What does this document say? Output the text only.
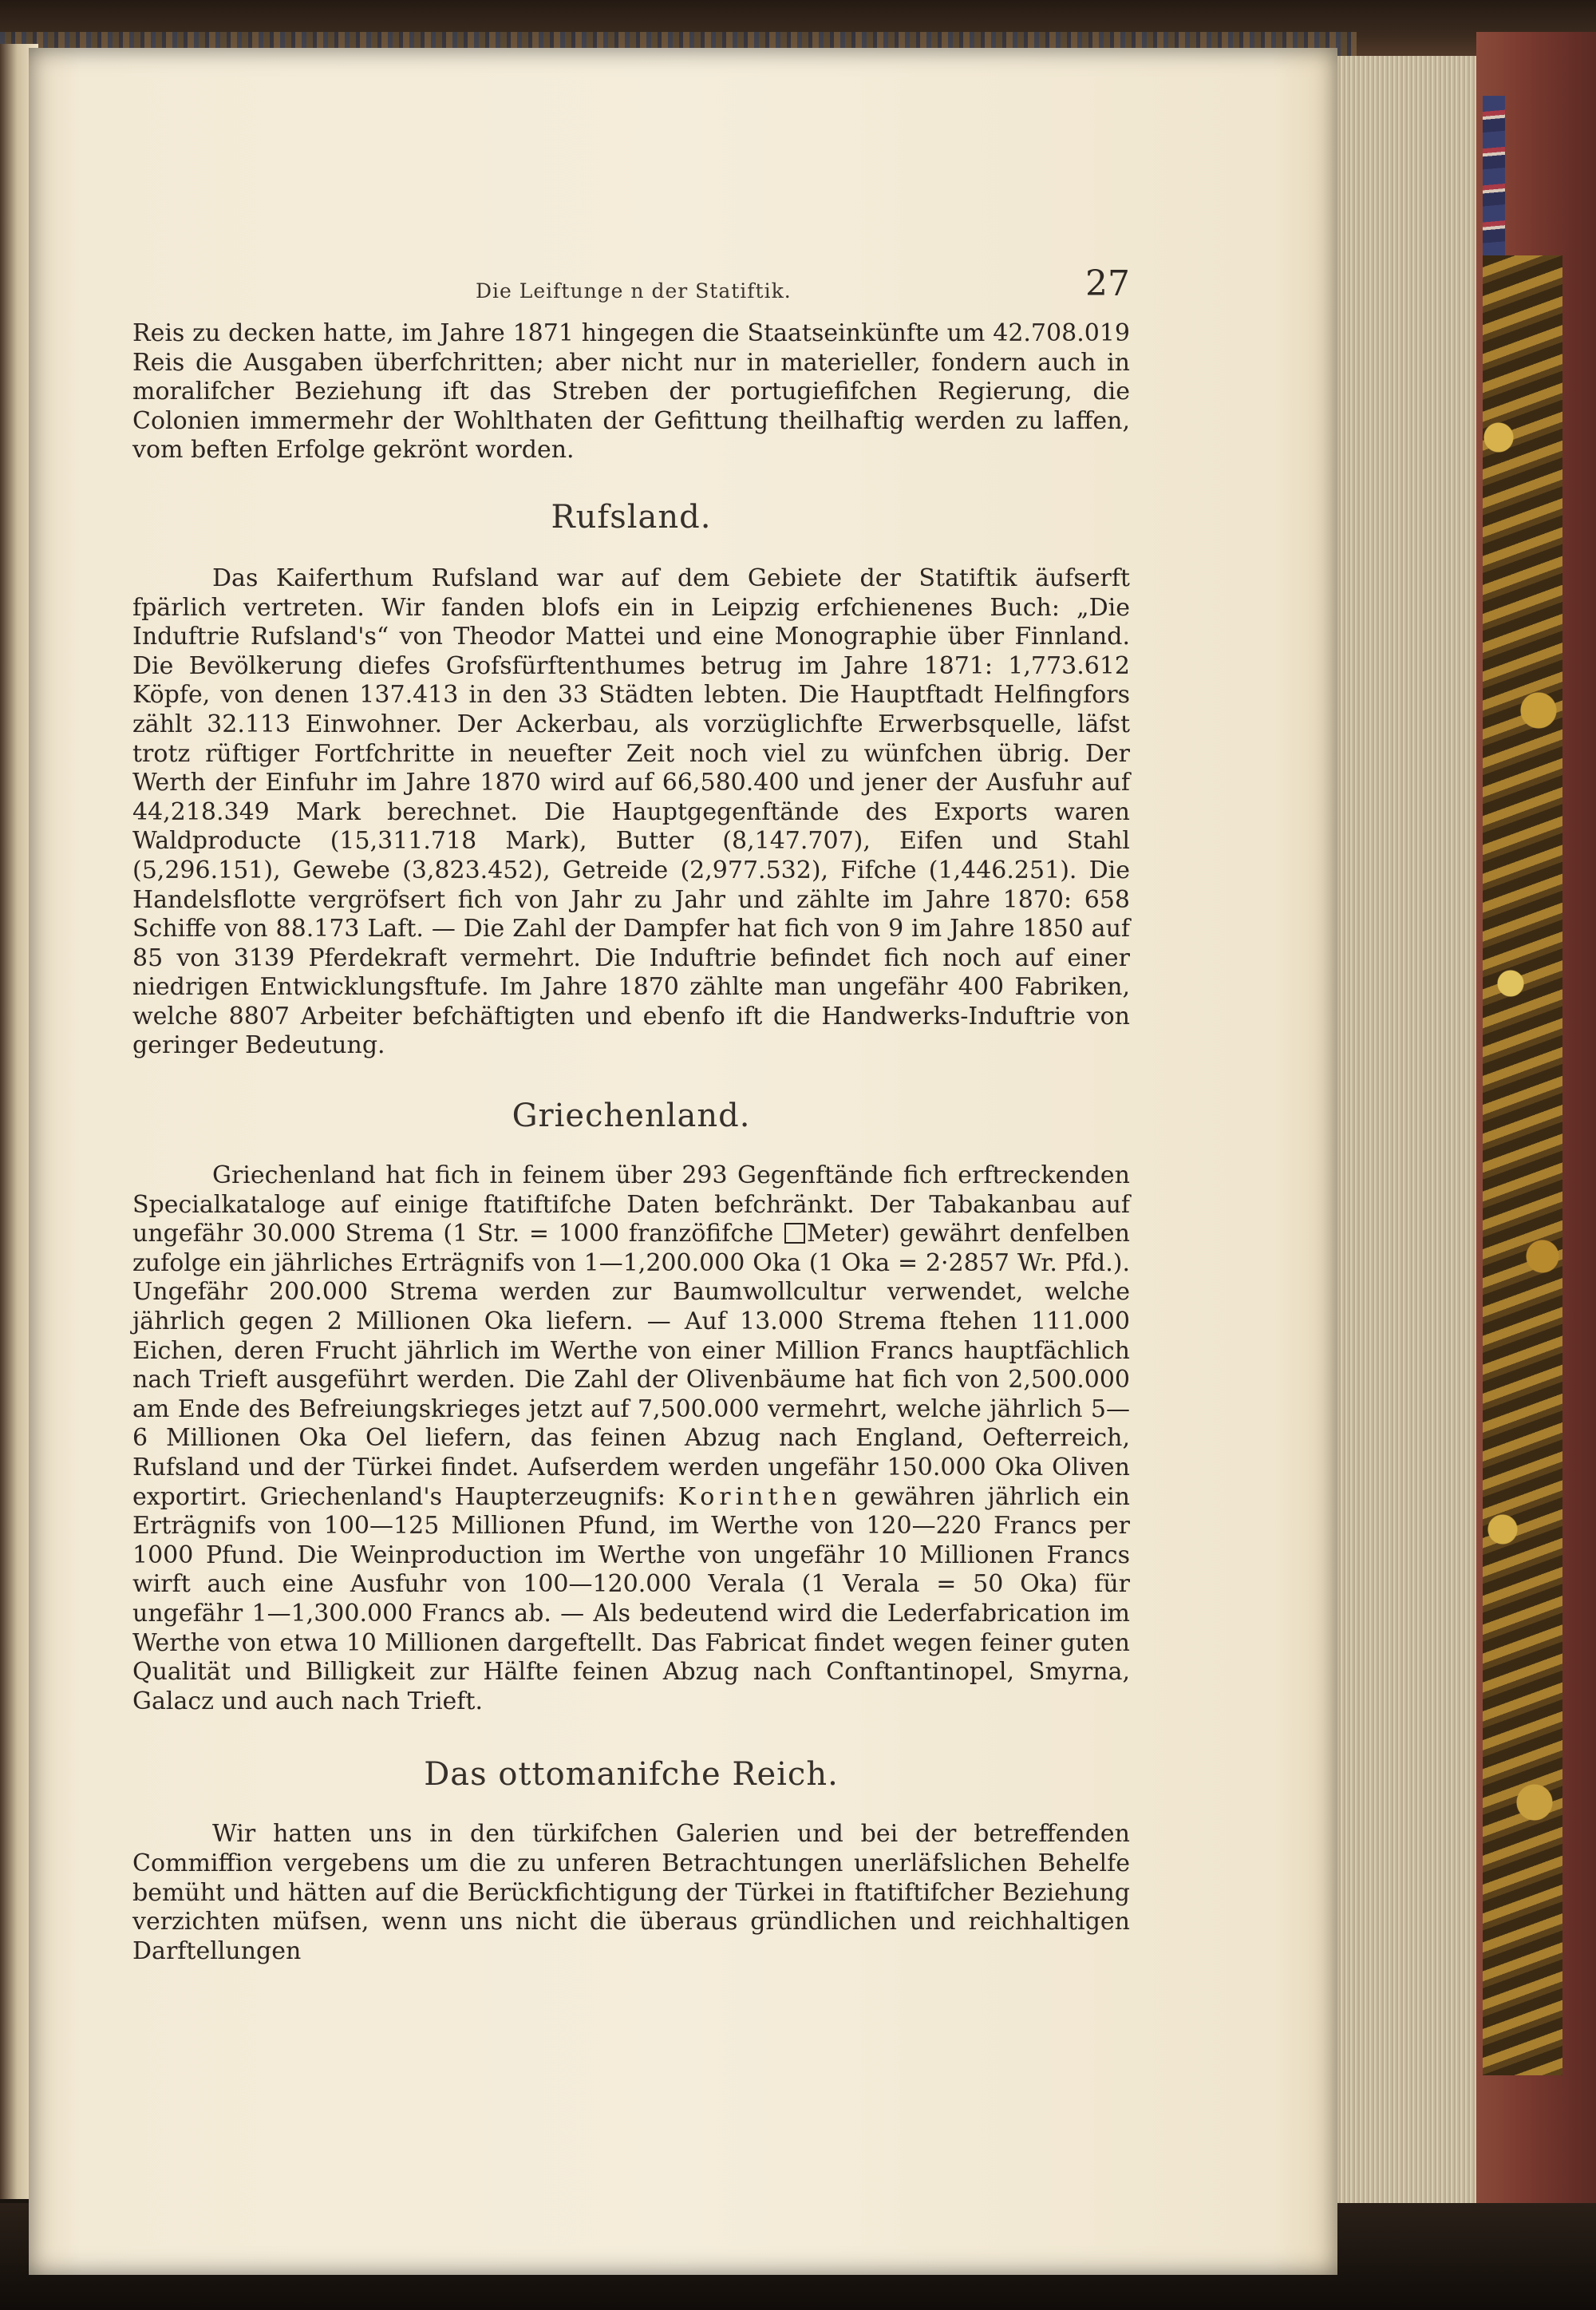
Die Leiftunge n der Statiftik.	27

Reis zu decken hatte, im Jahre 1871 hingegen die Staatseinkünfte um 42.708.019 Reis die Ausgaben überfchritten; aber nicht nur in materieller, fondern auch in moralifcher Beziehung ift das Streben der portugiefifchen Regierung, die Colonien immermehr der Wohlthaten der Gefittung theilhaftig werden zu laffen, vom beften Erfolge gekrönt worden.

Rufsland.

Das Kaiferthum Rufsland war auf dem Gebiete der Statiftik äufserft fpärlich vertreten. Wir fanden blofs ein in Leipzig erfchienenes Buch: „Die Induftrie Rufsland's“ von Theodor Mattei und eine Monographie über Finnland. Die Bevölkerung diefes Grofsfürftenthumes betrug im Jahre 1871: 1,773.612 Köpfe, von denen 137.413 in den 33 Städten lebten. Die Hauptftadt Helfingfors zählt 32.113 Einwohner. Der Ackerbau, als vorzüglichfte Erwerbsquelle, läfst trotz rüftiger Fortfchritte in neuefter Zeit noch viel zu wünfchen übrig. Der Werth der Einfuhr im Jahre 1870 wird auf 66,580.400 und jener der Ausfuhr auf 44,218.349 Mark berechnet. Die Hauptgegenftände des Exports waren Waldproducte (15,311.718 Mark), Butter (8,147.707), Eifen und Stahl (5,296.151), Gewebe (3,823.452), Getreide (2,977.532), Fifche (1,446.251). Die Handelsflotte vergröfsert fich von Jahr zu Jahr und zählte im Jahre 1870: 658 Schiffe von 88.173 Laft. — Die Zahl der Dampfer hat fich von 9 im Jahre 1850 auf 85 von 3139 Pferdekraft vermehrt. Die Induftrie befindet fich noch auf einer niedrigen Entwicklungsftufe. Im Jahre 1870 zählte man ungefähr 400 Fabriken, welche 8807 Arbeiter befchäftigten und ebenfo ift die Handwerks-Induftrie von geringer Bedeutung.

Griechenland.

Griechenland hat fich in feinem über 293 Gegenftände fich erftreckenden Specialkataloge auf einige ftatiftifche Daten befchränkt. Der Tabakanbau auf ungefähr 30.000 Strema (1 Str. = 1000 franzöfifche Meter) gewährt denfelben zufolge ein jährliches Erträgnifs von 1—1,200.000 Oka (1 Oka = 2·2857 Wr. Pfd.). Ungefähr 200.000 Strema werden zur Baumwollcultur verwendet, welche jährlich gegen 2 Millionen Oka liefern. — Auf 13.000 Strema ftehen 111.000 Eichen, deren Frucht jährlich im Werthe von einer Million Francs hauptfächlich nach Trieft ausgeführt werden. Die Zahl der Olivenbäume hat fich von 2,500.000 am Ende des Befreiungskrieges jetzt auf 7,500.000 vermehrt, welche jährlich 5—6 Millionen Oka Oel liefern, das feinen Abzug nach England, Oefterreich, Rufsland und der Türkei findet. Aufserdem werden ungefähr 150.000 Oka Oliven exportirt. Griechenland's Haupterzeugnifs: Korinthen gewähren jährlich ein Erträgnifs von 100—125 Millionen Pfund, im Werthe von 120—220 Francs per 1000 Pfund. Die Weinproduction im Werthe von ungefähr 10 Millionen Francs wirft auch eine Ausfuhr von 100—120.000 Verala (1 Verala = 50 Oka) für ungefähr 1—1,300.000 Francs ab. — Als bedeutend wird die Lederfabrication im Werthe von etwa 10 Millionen dargeftellt. Das Fabricat findet wegen feiner guten Qualität und Billigkeit zur Hälfte feinen Abzug nach Conftantinopel, Smyrna, Galacz und auch nach Trieft.

Das ottomanifche Reich.

Wir hatten uns in den türkifchen Galerien und bei der betreffenden Commiffion vergebens um die zu unferen Betrachtungen unerläfslichen Behelfe bemüht und hätten auf die Berückfichtigung der Türkei in ftatiftifcher Beziehung verzichten müfsen, wenn uns nicht die überaus gründlichen und reichhaltigen Darftellungen
